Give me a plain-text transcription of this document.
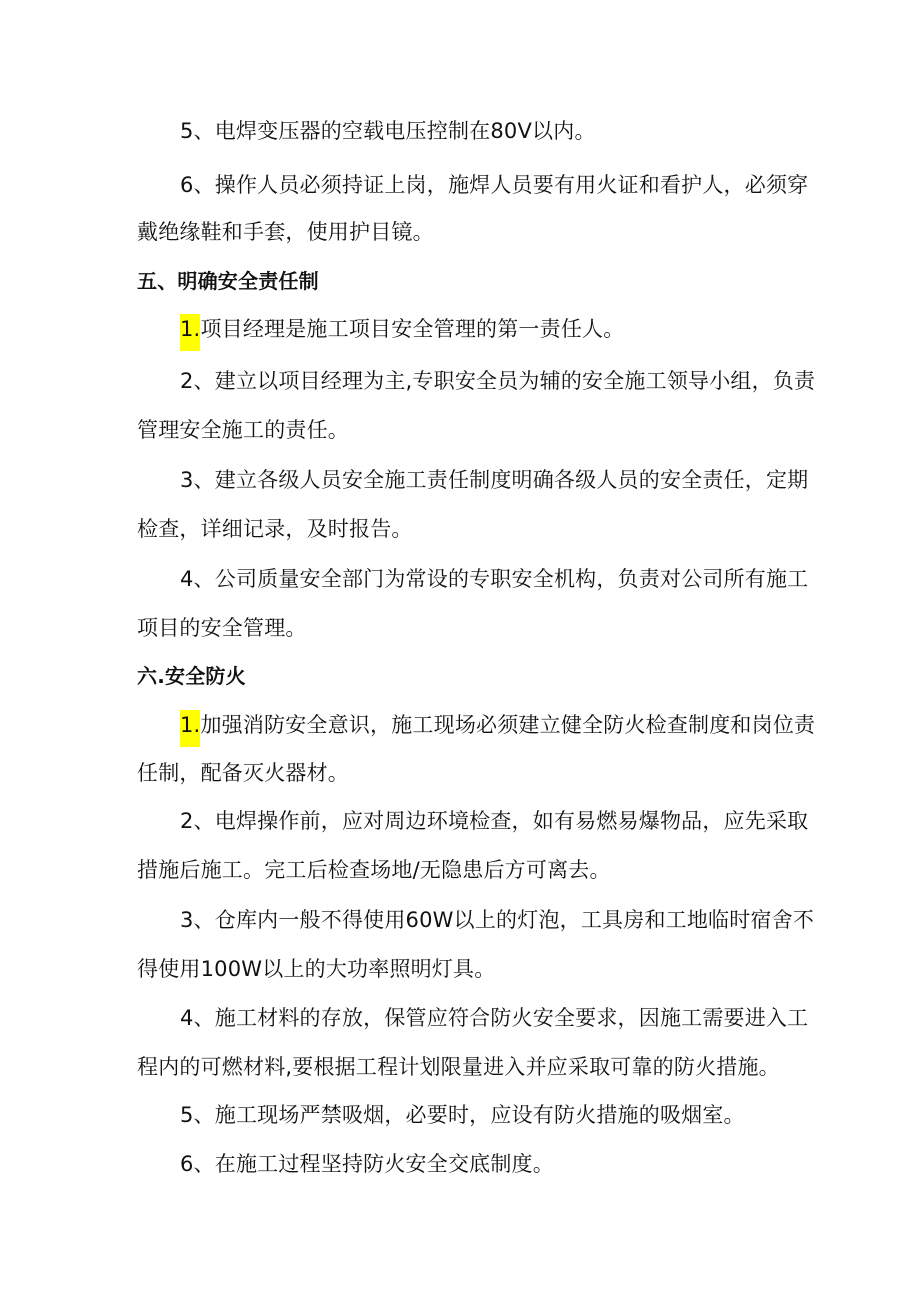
5、电焊变压器的空载电压控制在80V以内。
6、操作人员必须持证上岗，施焊人员要有用火证和看护人，必须穿
戴绝缘鞋和手套，使用护目镜。
五、明确安全责任制
1.项目经理是施工项目安全管理的第一责任人。
2、建立以项目经理为主,专职安全员为辅的安全施工领导小组，负责
管理安全施工的责任。
3、建立各级人员安全施工责任制度明确各级人员的安全责任，定期
检查，详细记录，及时报告。
4、公司质量安全部门为常设的专职安全机构，负责对公司所有施工
项目的安全管理。
六.安全防火
1.加强消防安全意识，施工现场必须建立健全防火检查制度和岗位责
任制，配备灭火器材。
2、电焊操作前，应对周边环境检查，如有易燃易爆物品，应先采取
措施后施工。完工后检查场地/无隐患后方可离去。
3、仓库内一般不得使用60W以上的灯泡，工具房和工地临时宿舍不
得使用100W以上的大功率照明灯具。
4、施工材料的存放，保管应符合防火安全要求，因施工需要进入工
程内的可燃材料,要根据工程计划限量进入并应采取可靠的防火措施。
5、施工现场严禁吸烟，必要时，应设有防火措施的吸烟室。
6、在施工过程坚持防火安全交底制度。
